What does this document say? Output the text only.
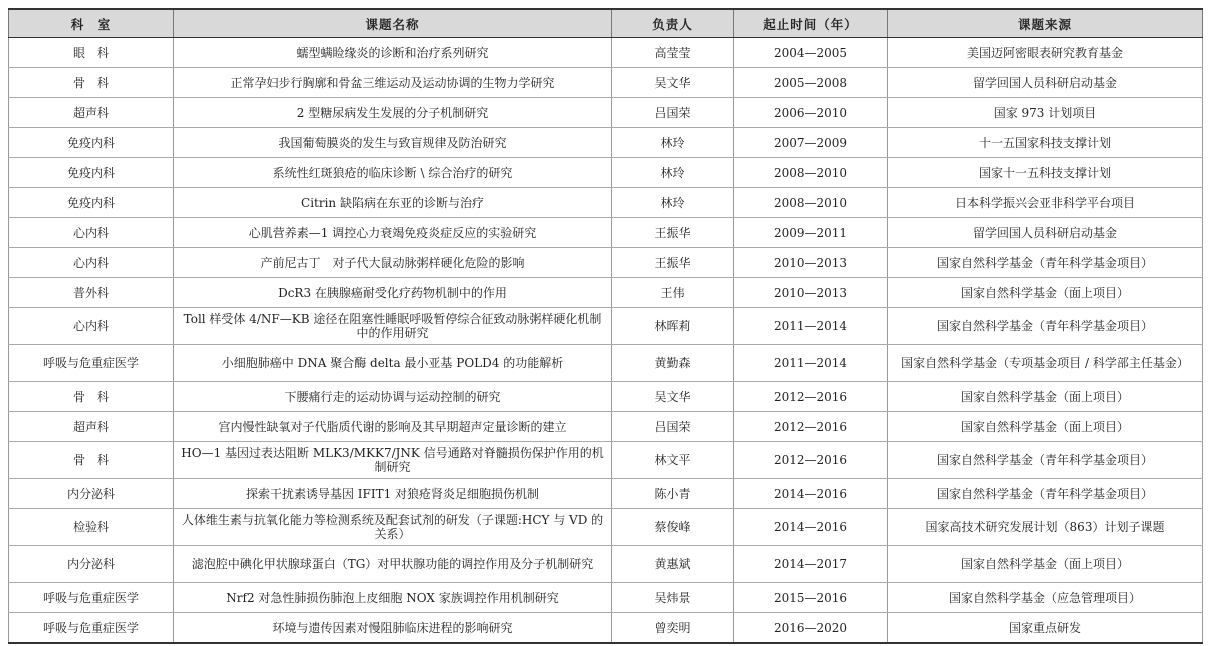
科　室	课题名称	负责人	起止时间（年）	课题来源
眼　科	蠕型螨睑缘炎的诊断和治疗系列研究	高莹莹	2004—2005	美国迈阿密眼表研究教育基金
骨　科	正常孕妇步行胸廓和骨盆三维运动及运动协调的生物力学研究	吴文华	2005—2008	留学回国人员科研启动基金
超声科	2 型糖尿病发生发展的分子机制研究	吕国荣	2006—2010	国家 973 计划项目
免疫内科	我国葡萄膜炎的发生与致盲规律及防治研究	林玲	2007—2009	十一五国家科技支撑计划
免疫内科	系统性红斑狼疮的临床诊断 \ 综合治疗的研究	林玲	2008—2010	国家十一五科技支撑计划
免疫内科	Citrin 缺陷病在东亚的诊断与治疗	林玲	2008—2010	日本科学振兴会亚非科学平台项目
心内科	心肌营养素—1 调控心力衰竭免疫炎症反应的实验研究	王振华	2009—2011	留学回国人员科研启动基金
心内科	产前尼古丁　对子代大鼠动脉粥样硬化危险的影响	王振华	2010—2013	国家自然科学基金（青年科学基金项目）
普外科	DcR3 在胰腺癌耐受化疗药物机制中的作用	王伟	2010—2013	国家自然科学基金（面上项目）
心内科	Toll 样受体 4/NF—KB 途径在阻塞性睡眠呼吸暂停综合征致动脉粥样硬化机制中的作用研究	林晖莉	2011—2014	国家自然科学基金（青年科学基金项目）
呼吸与危重症医学	小细胞肺癌中 DNA 聚合酶 delta 最小亚基 POLD4 的功能解析	黄勤森	2011—2014	国家自然科学基金（专项基金项目 / 科学部主任基金）
骨　科	下腰痛行走的运动协调与运动控制的研究	吴文华	2012—2016	国家自然科学基金（面上项目）
超声科	宫内慢性缺氧对子代脂质代谢的影响及其早期超声定量诊断的建立	吕国荣	2012—2016	国家自然科学基金（面上项目）
骨　科	HO—1 基因过表达阻断 MLK3/MKK7/JNK 信号通路对脊髓损伤保护作用的机制研究	林文平	2012—2016	国家自然科学基金（青年科学基金项目）
内分泌科	探索干扰素诱导基因 IFIT1 对狼疮肾炎足细胞损伤机制	陈小青	2014—2016	国家自然科学基金（青年科学基金项目）
检验科	人体维生素与抗氧化能力等检测系统及配套试剂的研发（子课题:HCY 与 VD 的关系）	蔡俊峰	2014—2016	国家高技术研究发展计划（863）计划子课题
内分泌科	滤泡腔中碘化甲状腺球蛋白（TG）对甲状腺功能的调控作用及分子机制研究	黄惠斌	2014—2017	国家自然科学基金（面上项目）
呼吸与危重症医学	Nrf2 对急性肺损伤肺泡上皮细胞 NOX 家族调控作用机制研究	吴炜景	2015—2016	国家自然科学基金（应急管理项目）
呼吸与危重症医学	环境与遗传因素对慢阻肺临床进程的影响研究	曾奕明	2016—2020	国家重点研发
